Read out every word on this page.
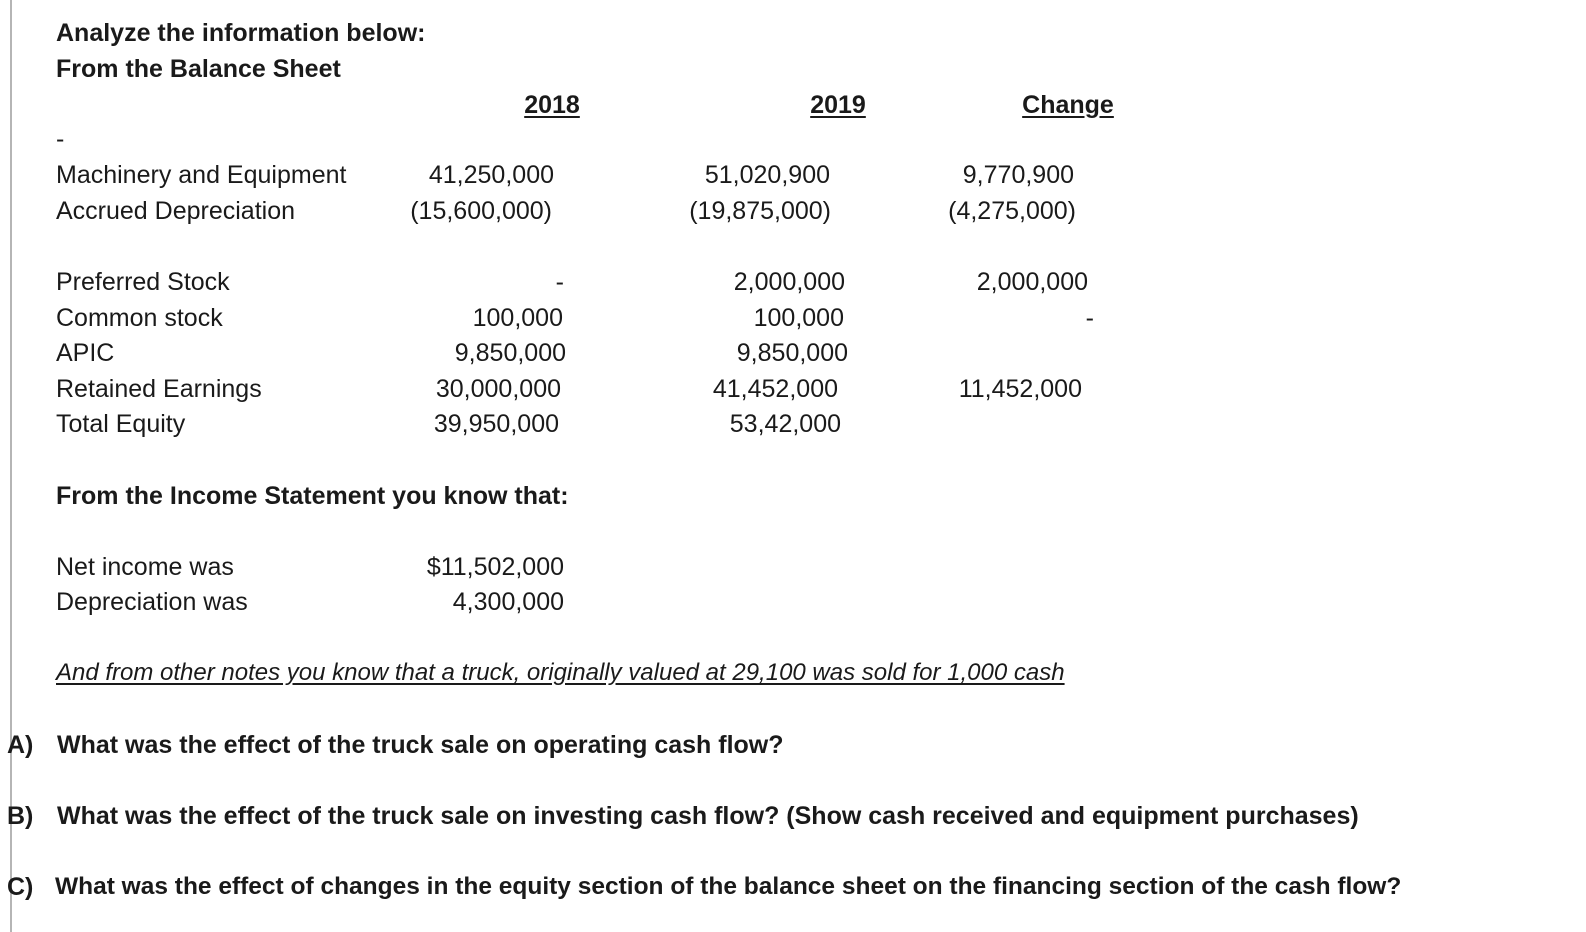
Analyze the information below:
From the Balance Sheet
2018	2019	Change
-
Machinery and Equipment	41,250,000	51,020,900	9,770,900
Accrued Depreciation	(15,600,000)	(19,875,000)	(4,275,000)
Preferred Stock	-	2,000,000	2,000,000
Common stock	100,000	100,000	-
APIC	9,850,000	9,850,000
Retained Earnings	30,000,000	41,452,000	11,452,000
Total Equity	39,950,000	53,42,000
From the Income Statement you know that:
Net income was	$11,502,000
Depreciation was	4,300,000
And from other notes you know that a truck, originally valued at 29,100 was sold for 1,000 cash
A) What was the effect of the truck sale on operating cash flow?
B) What was the effect of the truck sale on investing cash flow? (Show cash received and equipment purchases)
C) What was the effect of changes in the equity section of the balance sheet on the financing section of the cash flow?
